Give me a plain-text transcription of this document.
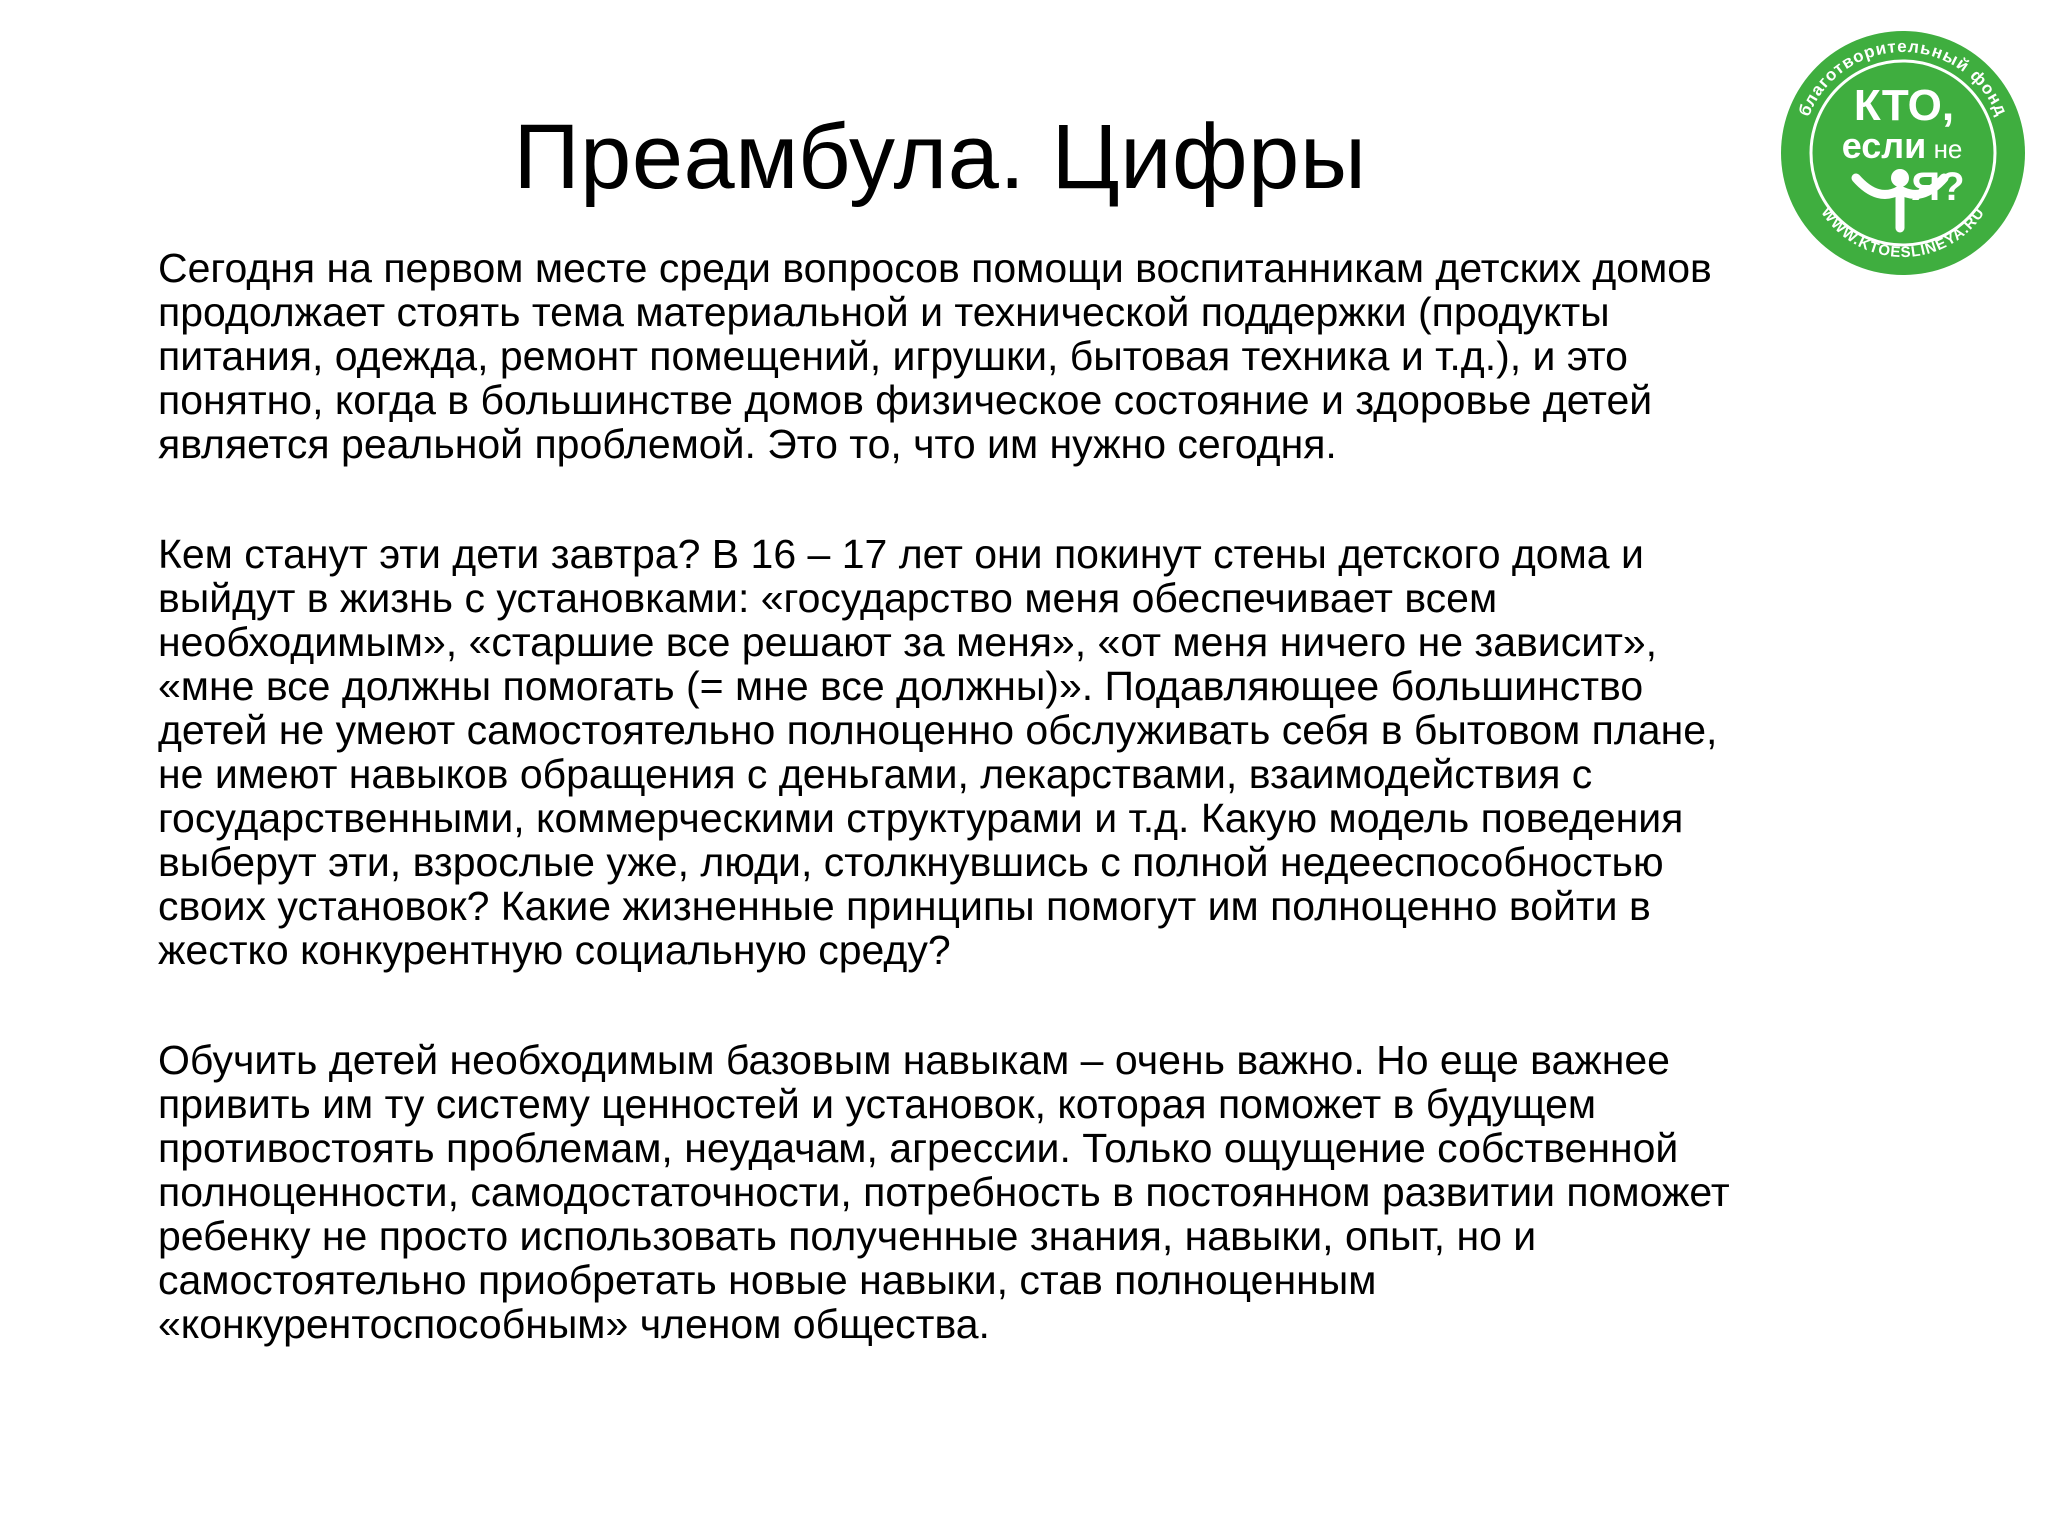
Преамбула. Цифры

Сегодня на первом месте среди вопросов помощи воспитанникам детских домов
продолжает стоять тема материальной и технической поддержки (продукты
питания, одежда, ремонт помещений, игрушки, бытовая техника и т.д.), и это
понятно, когда в большинстве домов физическое состояние и здоровье детей
является реальной проблемой. Это то, что им нужно сегодня.

Кем станут эти дети завтра? В 16 – 17 лет они покинут стены детского дома и
выйдут в жизнь с установками: «государство меня обеспечивает всем
необходимым», «старшие все решают за меня», «от меня ничего не зависит»,
«мне все должны помогать (= мне все должны)». Подавляющее большинство
детей не умеют самостоятельно полноценно обслуживать себя в бытовом плане,
не имеют навыков обращения с деньгами, лекарствами, взаимодействия с
государственными, коммерческими структурами и т.д. Какую модель поведения
выберут эти, взрослые уже, люди, столкнувшись с полной недееспособностью
своих установок? Какие жизненные принципы помогут им полноценно войти в
жестко конкурентную социальную среду?

Обучить детей необходимым базовым навыкам – очень важно. Но еще важнее
привить им ту систему ценностей и установок, которая поможет в будущем
противостоять проблемам, неудачам, агрессии. Только ощущение собственной
полноценности, самодостаточности, потребность в постоянном развитии поможет
ребенку не просто использовать полученные знания, навыки, опыт, но и
самостоятельно приобретать новые навыки, став полноценным
«конкурентоспособным» членом общества.

благотворительный фонд
WWW.KTOESLINEYA.RU
КТО,
если не
Я?
